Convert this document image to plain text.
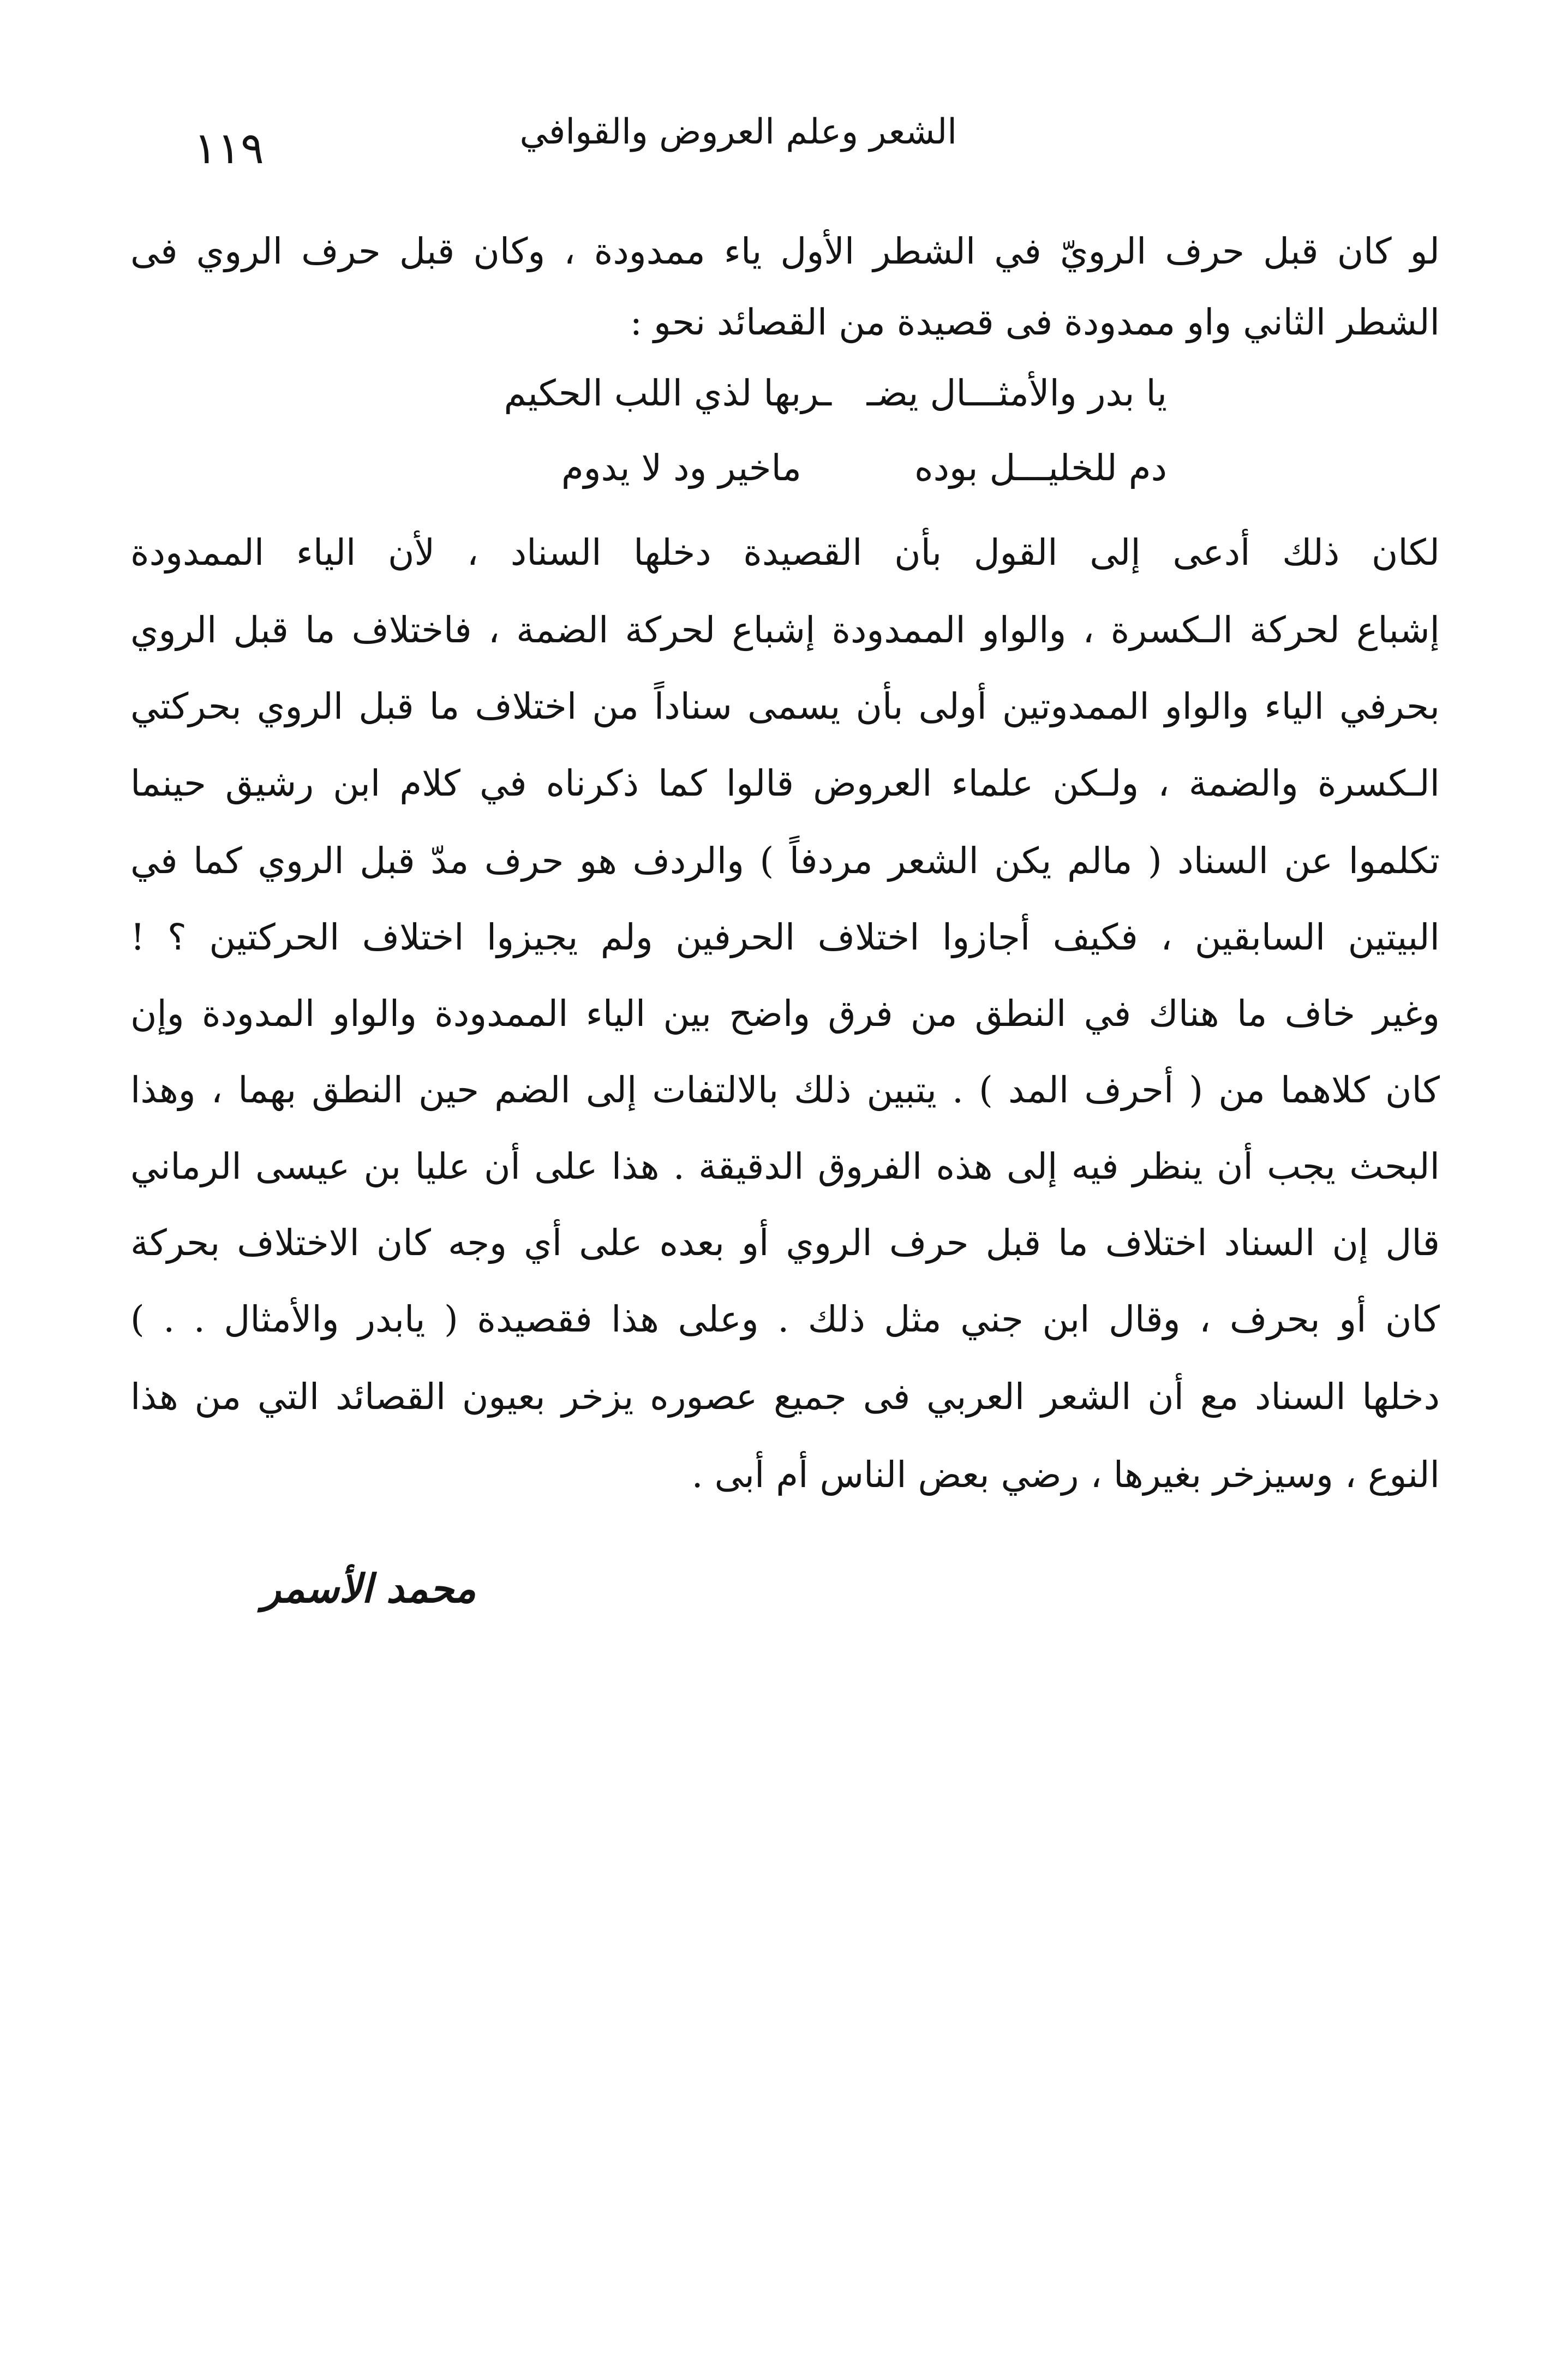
الشعر وعلم العروض والقوافي
١١٩
لو كان قبل حرف الرويّ في الشطر الأول ياء ممدودة ، وكان قبل حرف الروي فى
الشطر الثاني واو ممدودة فى قصيدة من القصائد نحو :
يا بدر والأمثـــال يضـ
ـربها لذي اللب الحكيم
دم للخليـــل بوده
ماخير ود لا يدوم
لكان ذلك أدعى إلى القول بأن القصيدة دخلها السناد ، لأن الياء الممدودة
إشباع لحركة الـكسرة ، والواو الممدودة إشباع لحركة الضمة ، فاختلاف ما قبل الروي
بحرفي الياء والواو الممدوتين أولى بأن يسمى سناداً من اختلاف ما قبل الروي بحركتي
الـكسرة والضمة ، ولـكن علماء العروض قالوا كما ذكرناه في كلام ابن رشيق حينما
تكلموا عن السناد ( مالم يكن الشعر مردفاً ) والردف هو حرف مدّ قبل الروي كما في
البيتين السابقين ، فكيف أجازوا اختلاف الحرفين ولم يجيزوا اختلاف الحركتين ؟ !
وغير خاف ما هناك في النطق من فرق واضح بين الياء الممدودة والواو المدودة وإن
كان كلاهما من ( أحرف المد ) . يتبين ذلك بالالتفات إلى الضم حين النطق بهما ، وهذا
البحث يجب أن ينظر فيه إلى هذه الفروق الدقيقة . هذا على أن عليا بن عيسى الرماني
قال إن السناد اختلاف ما قبل حرف الروي أو بعده على أي وجه كان الاختلاف بحركة
كان أو بحرف ، وقال ابن جني مثل ذلك . وعلى هذا فقصيدة ( يابدر والأمثال . . )
دخلها السناد مع أن الشعر العربي فى جميع عصوره يزخر بعيون القصائد التي من هذا
النوع ، وسيزخر بغيرها ، رضي بعض الناس أم أبى .
محمد الأسمر
